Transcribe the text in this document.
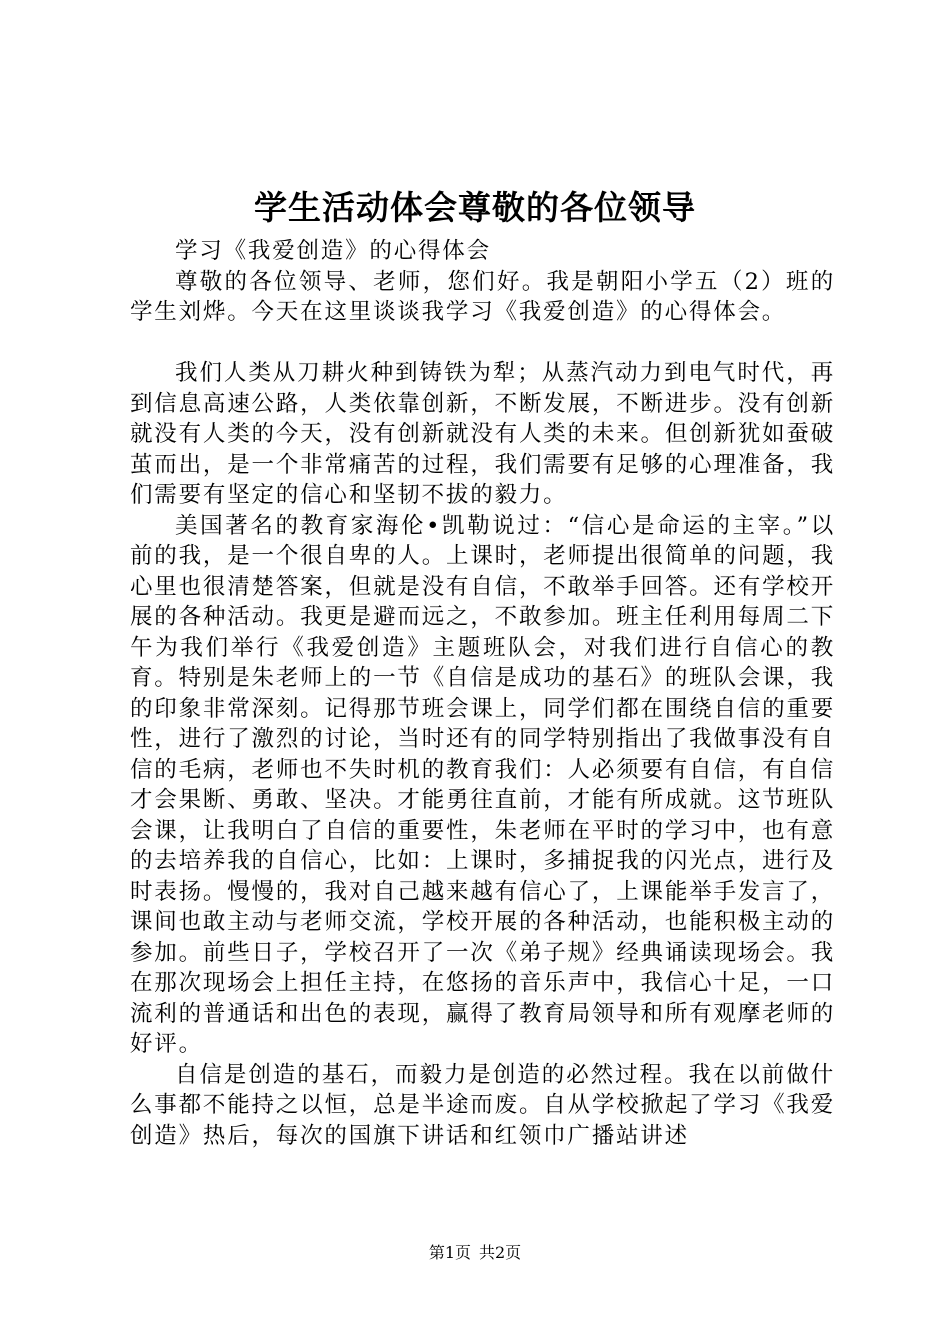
学生活动体会尊敬的各位领导

学习《我爱创造》的心得体会

尊敬的各位领导、老师，您们好。我是朝阳小学五（2）班的学生刘烨。今天在这里谈谈我学习《我爱创造》的心得体会。

我们人类从刀耕火种到铸铁为犁；从蒸汽动力到电气时代，再到信息高速公路，人类依靠创新，不断发展，不断进步。没有创新就没有人类的今天，没有创新就没有人类的未来。但创新犹如蚕破茧而出，是一个非常痛苦的过程，我们需要有足够的心理准备，我们需要有坚定的信心和坚韧不拔的毅力。

美国著名的教育家海伦•凯勒说过：“信心是命运的主宰。”以前的我，是一个很自卑的人。上课时，老师提出很简单的问题，我心里也很清楚答案，但就是没有自信，不敢举手回答。还有学校开展的各种活动。我更是避而远之，不敢参加。班主任利用每周二下午为我们举行《我爱创造》主题班队会，对我们进行自信心的教育。特别是朱老师上的一节《自信是成功的基石》的班队会课，我的印象非常深刻。记得那节班会课上，同学们都在围绕自信的重要性，进行了激烈的讨论，当时还有的同学特别指出了我做事没有自信的毛病，老师也不失时机的教育我们：人必须要有自信，有自信才会果断、勇敢、坚决。才能勇往直前，才能有所成就。这节班队会课，让我明白了自信的重要性，朱老师在平时的学习中，也有意的去培养我的自信心，比如：上课时，多捕捉我的闪光点，进行及时表扬。慢慢的，我对自己越来越有信心了，上课能举手发言了，课间也敢主动与老师交流，学校开展的各种活动，也能积极主动的参加。前些日子，学校召开了一次《弟子规》经典诵读现场会。我在那次现场会上担任主持，在悠扬的音乐声中，我信心十足，一口流利的普通话和出色的表现，赢得了教育局领导和所有观摩老师的好评。

自信是创造的基石，而毅力是创造的必然过程。我在以前做什么事都不能持之以恒，总是半途而废。自从学校掀起了学习《我爱创造》热后，每次的国旗下讲话和红领巾广播站讲述

第1页 共2页
